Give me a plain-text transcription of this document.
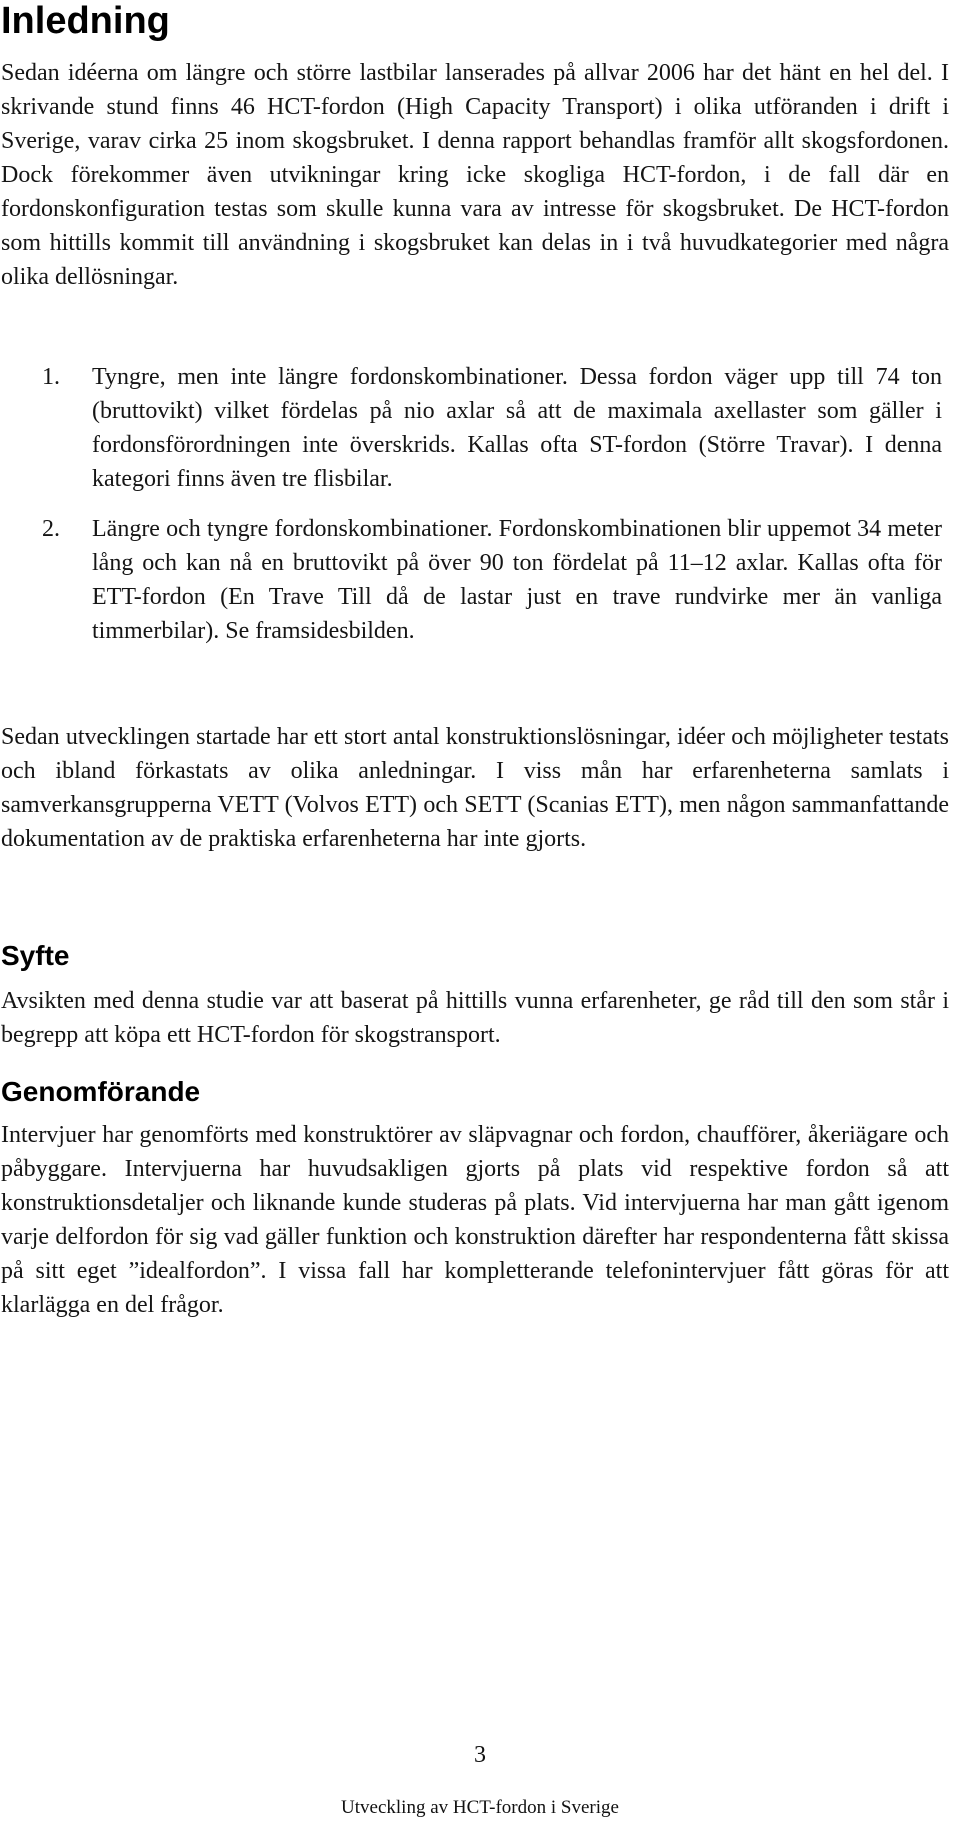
Inledning

Sedan idéerna om längre och större lastbilar lanserades på allvar 2006 har det hänt en hel del. I skrivande stund finns 46 HCT-fordon (High Capacity Transport) i olika utföranden i drift i Sverige, varav cirka 25 inom skogsbruket. I denna rapport behandlas framför allt skogsfordonen. Dock förekommer även utvikningar kring icke skogliga HCT-fordon, i de fall där en fordonskonfiguration testas som skulle kunna vara av intresse för skogsbruket. De HCT-fordon som hittills kommit till användning i skogsbruket kan delas in i två huvudkategorier med några olika dellösningar.

1. Tyngre, men inte längre fordonskombinationer. Dessa fordon väger upp till 74 ton (bruttovikt) vilket fördelas på nio axlar så att de maximala axellaster som gäller i fordonsförordningen inte överskrids. Kallas ofta ST-fordon (Större Travar). I denna kategori finns även tre flisbilar.
2. Längre och tyngre fordonskombinationer. Fordonskombinationen blir uppemot 34 meter lång och kan nå en bruttovikt på över 90 ton fördelat på 11–12 axlar. Kallas ofta för ETT-fordon (En Trave Till då de lastar just en trave rundvirke mer än vanliga timmerbilar). Se framsidesbilden.

Sedan utvecklingen startade har ett stort antal konstruktionslösningar, idéer och möjligheter testats och ibland förkastats av olika anledningar. I viss mån har erfarenheterna samlats i samverkansgrupperna VETT (Volvos ETT) och SETT (Scanias ETT), men någon sammanfattande dokumentation av de praktiska erfarenheterna har inte gjorts.

Syfte

Avsikten med denna studie var att baserat på hittills vunna erfarenheter, ge råd till den som står i begrepp att köpa ett HCT-fordon för skogstransport.

Genomförande

Intervjuer har genomförts med konstruktörer av släpvagnar och fordon, chaufförer, åkeriägare och påbyggare. Intervjuerna har huvudsakligen gjorts på plats vid respektive fordon så att konstruktionsdetaljer och liknande kunde studeras på plats. Vid intervjuerna har man gått igenom varje delfordon för sig vad gäller funktion och konstruktion därefter har respondenterna fått skissa på sitt eget ”idealfordon”. I vissa fall har kompletterande telefonintervjuer fått göras för att klarlägga en del frågor.

3
Utveckling av HCT-fordon i Sverige
